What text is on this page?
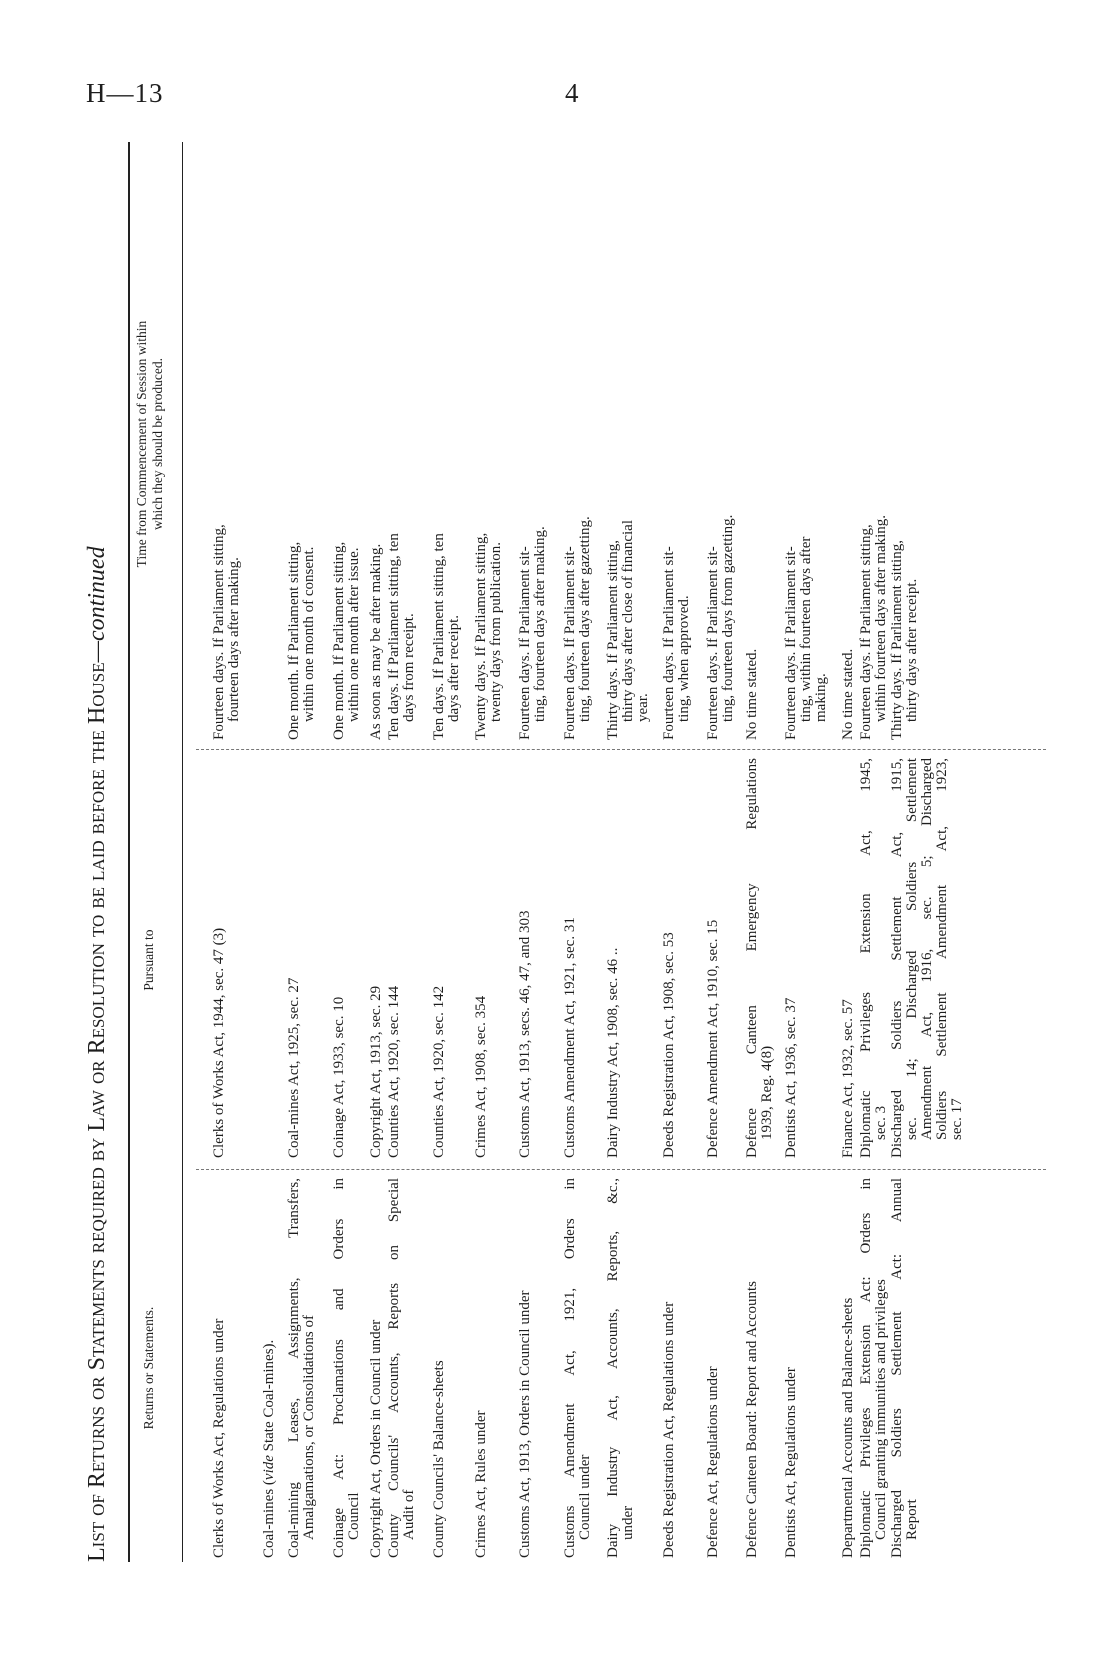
H—13	4
List of Returns or Statements required by Law or Resolution to be laid before the House—continued
Returns or Statements.
Pursuant to
Time from Commencement of Session within which they should be produced.
Clerks of Works Act, Regulations under
Clerks of Works Act, 1944, sec. 47 (3)
Fourteen days. If Parliament sitting, fourteen days after making.
Coal-mines (vide State Coal-mines). Coal-mining Leases, Assignments, Transfers, Amalgamations, or Consolidations of
Coal-mines Act, 1925, sec. 27
One month. If Parliament sitting, within one month of consent.
Coinage Act: Proclamations and Orders in Council
Coinage Act, 1933, sec. 10
One month. If Parliament sitting, within one month after issue.
Copyright Act, Orders in Council under
Copyright Act, 1913, sec. 29
As soon as may be after making.
County Councils' Accounts, Reports on Special Audit of
Counties Act, 1920, sec. 144
Ten days. If Parliament sitting, ten days from receipt.
County Councils' Balance-sheets
Counties Act, 1920, sec. 142
Ten days. If Parliament sitting, ten days after receipt.
Crimes Act, Rules under
Crimes Act, 1908, sec. 354
Twenty days. If Parliament sitting, twenty days from publication.
Customs Act, 1913, Orders in Council under
Customs Act, 1913, secs. 46, 47, and 303
Fourteen days. If Parliament sit- ting, fourteen days after making.
Customs Amendment Act, 1921, Orders in Council under
Customs Amendment Act, 1921, sec. 31
Fourteen days. If Parliament sit- ting, fourteen days after gazetting.
Dairy Industry Act, Accounts, Reports, &c., under
Dairy Industry Act, 1908, sec. 46 ..
Thirty days. If Parliament sitting, thirty days after close of financial year.
Deeds Registration Act, Regulations under
Deeds Registration Act, 1908, sec. 53
Fourteen days. If Parliament sit- ting, when approved.
Defence Act, Regulations under
Defence Amendment Act, 1910, sec. 15
Fourteen days. If Parliament sit- ting, fourteen days from gazetting.
Defence Canteen Board: Report and Accounts
Defence Canteen Emergency Regulations 1939, Reg. 4(8)
No time stated.
Dentists Act, Regulations under
Dentists Act, 1936, sec. 37
Fourteen days. If Parliament sit- ting, within fourteen days after making.
Departmental Accounts and Balance-sheets
Finance Act, 1932, sec. 57
No time stated.
Diplomatic Privileges Extension Act: Orders in Council granting immunities and privileges
Diplomatic Privileges Extension Act, 1945, sec. 3
Fourteen days. If Parliament sitting, within fourteen days after making.
Discharged Soldiers Settlement Act: Annual Report
Discharged Soldiers Settlement Act, 1915, sec. 14; Discharged Soldiers Settlement Amendment Act, 1916, sec. 5; Discharged Soldiers Settlement Amendment Act, 1923, sec. 17
Thirty days. If Parliament sitting, thirty days after receipt.
